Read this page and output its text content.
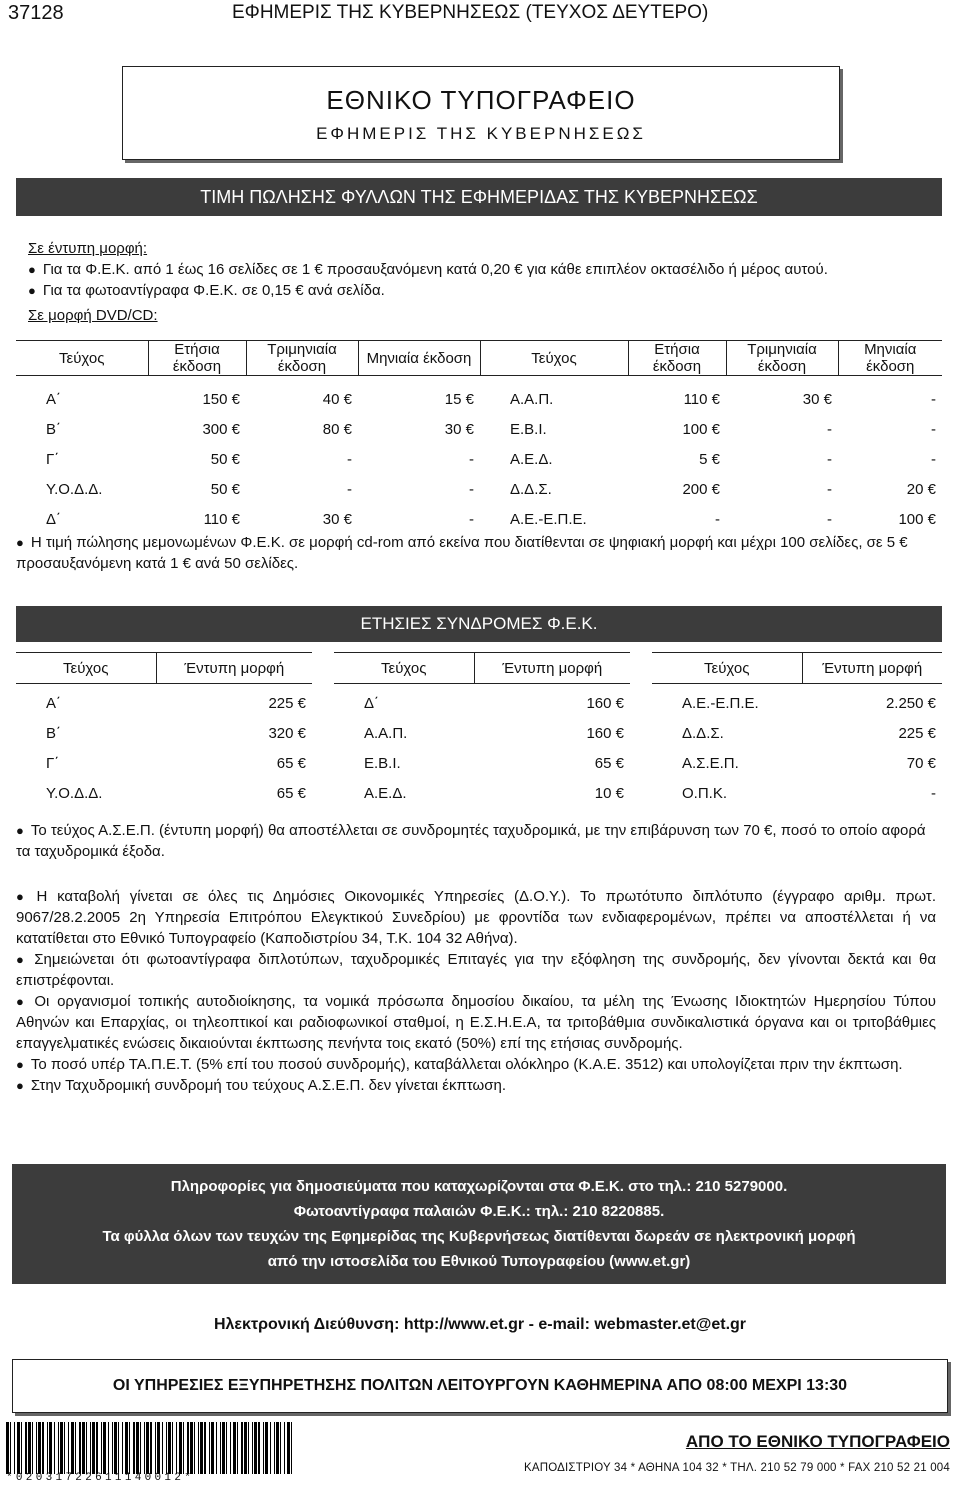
37128	ΕΦΗΜΕΡΙΣ ΤΗΣ ΚΥΒΕΡΝΗΣΕΩΣ (ΤΕΥΧΟΣ ΔΕΥΤΕΡΟ)
ΕΘΝΙΚΟ ΤΥΠΟΓΡΑΦΕΙΟ
ΕΦΗΜΕΡΙΣ ΤΗΣ ΚΥΒΕΡΝΗΣΕΩΣ
ΤΙΜΗ ΠΩΛΗΣΗΣ ΦΥΛΛΩΝ ΤΗΣ ΕΦΗΜΕΡΙΔΑΣ ΤΗΣ ΚΥΒΕΡΝΗΣΕΩΣ
Σε έντυπη μορφή:
● Για τα Φ.Ε.Κ. από 1 έως 16 σελίδες σε 1 € προσαυξανόμενη κατά 0,20 € για κάθε επιπλέον οκτασέλιδο ή μέρος αυτού.
● Για τα φωτοαντίγραφα Φ.Ε.Κ. σε 0,15 € ανά σελίδα.
Σε μορφή DVD/CD:
Τεύχος	Ετήσια έκδοση	Τριμηνιαία έκδοση	Μηνιαία έκδοση	Τεύχος	Ετήσια έκδοση	Τριμηνιαία έκδοση	Μηνιαία έκδοση

Α΄	150 €	40 €	15 €	Α.Α.Π.	110 €	30 €	-
Β΄	300 €	80 €	30 €	Ε.Β.Ι.	100 €	-	-
Γ΄	50 €	-	-	Α.Ε.Δ.	5 €	-	-
Υ.Ο.Δ.Δ.	50 €	-	-	Δ.Δ.Σ.	200 €	-	20 €
Δ΄	110 €	30 €	-	Α.Ε.-Ε.Π.Ε.	-	-	100 €
● Η τιμή πώλησης μεμονωμένων Φ.Ε.Κ. σε μορφή cd-rom από εκείνα που διατίθενται σε ψηφιακή μορφή και μέχρι 100 σελίδες, σε 5 € προσαυξανόμενη κατά 1 € ανά 50 σελίδες.
ΕΤΗΣΙΕΣ ΣΥΝΔΡΟΜΕΣ Φ.Ε.Κ.
Τεύχος	Έντυπη μορφή

Α΄	225 €
Β΄	320 €
Γ΄	65 €
Υ.Ο.Δ.Δ.	65 €
Τεύχος	Έντυπη μορφή

Δ΄	160 €
Α.Α.Π.	160 €
Ε.Β.Ι.	65 €
Α.Ε.Δ.	10 €
Τεύχος	Έντυπη μορφή

Α.Ε.-Ε.Π.Ε.	2.250 €
Δ.Δ.Σ.	225 €
Α.Σ.Ε.Π.	70 €
Ο.Π.Κ.	-
● Το τεύχος Α.Σ.Ε.Π. (έντυπη μορφή) θα αποστέλλεται σε συνδρομητές ταχυδρομικά, με την επιβάρυνση των 70 €, ποσό το οποίο αφορά τα ταχυδρομικά έξοδα.
● Η καταβολή γίνεται σε όλες τις Δημόσιες Οικονομικές Υπηρεσίες (Δ.Ο.Υ.). Το πρωτότυπο διπλότυπο (έγγραφο αριθμ. πρωτ. 9067/28.2.2005 2η Υπηρεσία Επιτρόπου Ελεγκτικού Συνεδρίου) με φροντίδα των ενδιαφερομένων, πρέπει να αποστέλλεται ή να κατατίθεται στο Εθνικό Τυπογραφείο (Καποδιστρίου 34, Τ.Κ. 104 32 Αθήνα).
● Σημειώνεται ότι φωτοαντίγραφα διπλοτύπων, ταχυδρομικές Επιταγές για την εξόφληση της συνδρομής, δεν γίνονται δεκτά και θα επιστρέφονται.
● Οι οργανισμοί τοπικής αυτοδιοίκησης, τα νομικά πρόσωπα δημοσίου δικαίου, τα μέλη της Ένωσης Ιδιοκτητών Ημερησίου Τύπου Αθηνών και Επαρχίας, οι τηλεοπτικοί και ραδιοφωνικοί σταθμοί, η Ε.Σ.Η.Ε.Α, τα τριτοβάθμια συνδικαλιστικά όργανα και οι τριτοβάθμιες επαγγελματικές ενώσεις δικαιούνται έκπτωσης πενήντα τοις εκατό (50%) επί της ετήσιας συνδρομής.
● Το ποσό υπέρ ΤΑ.Π.Ε.Τ. (5% επί του ποσού συνδρομής), καταβάλλεται ολόκληρο (Κ.Α.Ε. 3512) και υπολογίζεται πριν την έκπτωση.
● Στην Ταχυδρομική συνδρομή του τεύχους Α.Σ.Ε.Π. δεν γίνεται έκπτωση.
Πληροφορίες για δημοσιεύματα που καταχωρίζονται στα Φ.Ε.Κ. στο τηλ.: 210 5279000.
Φωτοαντίγραφα παλαιών Φ.Ε.Κ.: τηλ.: 210 8220885.
Τα φύλλα όλων των τευχών της Εφημερίδας της Κυβερνήσεως διατίθενται δωρεάν σε ηλεκτρονική μορφή
από την ιστοσελίδα του Εθνικού Τυπογραφείου (www.et.gr)
Ηλεκτρονική Διεύθυνση: http://www.et.gr - e-mail: webmaster.et@et.gr
ΟΙ ΥΠΗΡΕΣΙΕΣ ΕΞΥΠΗΡΕΤΗΣΗΣ ΠΟΛΙΤΩΝ ΛΕΙΤΟΥΡΓΟΥΝ ΚΑΘΗΜΕΡΙΝΑ ΑΠΟ 08:00 ΜΕΧΡΙ 13:30
*02031722611140012*
ΑΠΟ ΤΟ ΕΘΝΙΚΟ ΤΥΠΟΓΡΑΦΕΙΟ
ΚΑΠΟΔΙΣΤΡΙΟΥ 34 * ΑΘΗΝΑ 104 32 * ΤΗΛ. 210 52 79 000 * FAX 210 52 21 004
